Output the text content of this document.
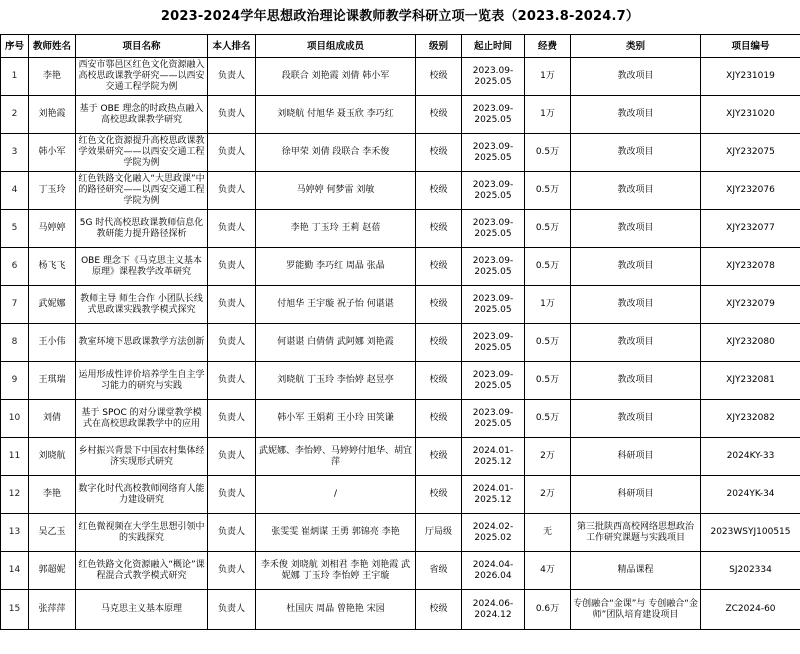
2023-2024学年思想政治理论课教师教学科研立项一览表（2023.8-2024.7）
序号	教师姓名	项目名称	本人排名	项目组成成员	级别	起止时间	经费	类别	项目编号
1	李艳	西安市鄠邑区红色文化资源融入高校思政课教学研究——以西安交通工程学院为例	负责人	段联合 刘艳霞 刘倩 韩小军	校级	2023.09-
2025.05	1万	教改项目	XJY231019
2	刘艳霞	基于 OBE 理念的时政热点融入高校思政课教学研究	负责人	刘晓航 付旭华 聂玉欣 李巧红	校级	2023.09-
2025.05	1万	教改项目	XJY231020
3	韩小军	红色文化资源提升高校思政课教学效果研究——以西安交通工程学院为例	负责人	徐甲荣 刘倩 段联合 李禾俊	校级	2023.09-
2025.05	0.5万	教改项目	XJY232075
4	丁玉玲	红色铁路文化融入“大思政课”中的路径研究——以西安交通工程学院为例	负责人	马婷婷 何梦雷 刘敏	校级	2023.09-
2025.05	0.5万	教改项目	XJY232076
5	马婷婷	5G 时代高校思政课教师信息化教研能力提升路径探析	负责人	李艳 丁玉玲 王莉 赵蓓	校级	2023.09-
2025.05	0.5万	教改项目	XJY232077
6	杨飞飞	OBE 理念下《马克思主义基本原理》课程教学改革研究	负责人	罗能勤 李巧红 周晶 张晶	校级	2023.09-
2025.05	0.5万	教改项目	XJY232078
7	武妮娜	教师主导 师生合作 小团队长线式思政课实践教学模式探究	负责人	付旭华 王宇璇 祝子怡 何谌谌	校级	2023.09-
2025.05	1万	教改项目	XJY232079
8	王小伟	教室环境下思政课教学方法创新	负责人	何谌谌 白倩倩 武阿娜 刘艳霞	校级	2023.09-
2025.05	0.5万	教改项目	XJY232080
9	王琪瑞	运用形成性评价培养学生自主学习能力的研究与实践	负责人	刘晓航 丁玉玲 李怡婷 赵昱亭	校级	2023.09-
2025.05	0.5万	教改项目	XJY232081
10	刘倩	基于 SPOC 的对分课堂教学模式在高校思政课教学中的应用	负责人	韩小军 王娟莉 王小玲 田笑谦	校级	2023.09-
2025.05	0.5万	教改项目	XJY232082
11	刘晓航	乡村振兴背景下中国农村集体经济实现形式研究	负责人	武妮娜、李怡婷、马婷婷付旭华、胡宜萍	校级	2024.01-
2025.12	2万	科研项目	2024KY-33
12	李艳	数字化时代高校教师网络育人能力建设研究	负责人	/	校级	2024.01-
2025.12	2万	科研项目	2024YK-34
13	吴乙玉	红色微视频在大学生思想引领中的实践探究	负责人	张雯雯 崔炳谋 王勇 郭锦亮 李艳	厅局级	2024.02-
2025.02	无	第三批陕西高校网络思想政治工作研究课题与实践项目	2023WSYJ100515
14	郭超妮	红色铁路文化资源融入“概论”课程混合式教学模式研究	负责人	李禾俊 刘晓航 刘相君 李艳 刘艳霞 武妮娜 丁玉玲 李怡婷 王宇璇	省级	2024.04-
2026.04	4万	精品课程	SJ202334
15	张萍萍	马克思主义基本原理	负责人	杜国庆 周晶 曾艳艳 宋园	校级	2024.06-
2024.12	0.6万	专创融合“金课”与 专创融合“金师”团队培育建设项目	ZC2024-60
